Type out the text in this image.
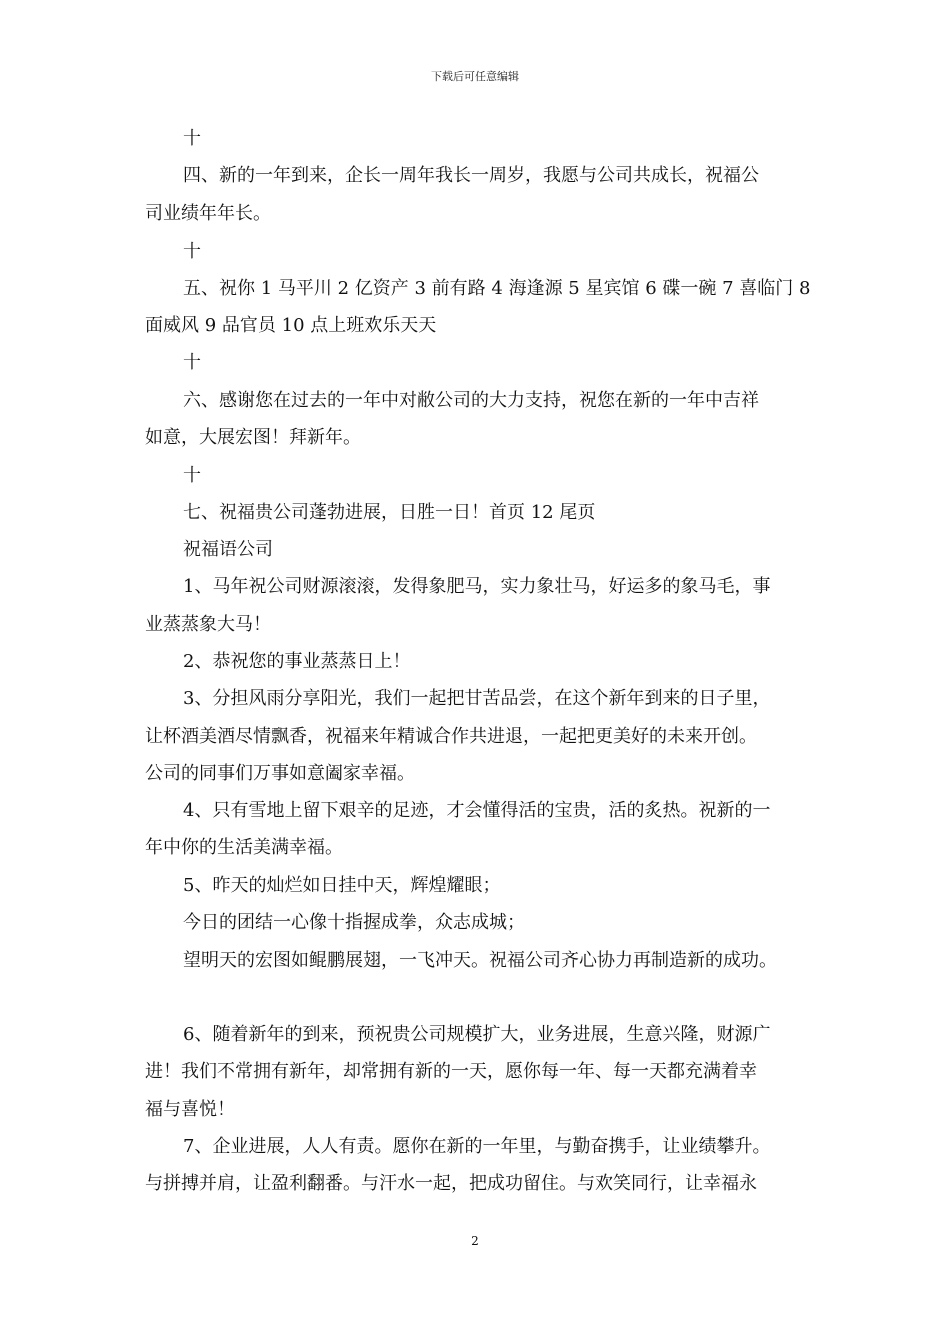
下载后可任意编辑
十
四、新的一年到来，企长一周年我长一周岁，我愿与公司共成长，祝福公
司业绩年年长。
十
五、祝你 1 马平川 2 亿资产 3 前有路 4 海逢源 5 星宾馆 6 碟一碗 7 喜临门 8
面威风 9 品官员 10 点上班欢乐天天
十
六、感谢您在过去的一年中对敝公司的大力支持，祝您在新的一年中吉祥
如意，大展宏图！拜新年。
十
七、祝福贵公司蓬勃进展，日胜一日！首页 12 尾页
祝福语公司
1、马年祝公司财源滚滚，发得象肥马，实力象壮马，好运多的象马毛，事
业蒸蒸象大马！
2、恭祝您的事业蒸蒸日上！
3、分担风雨分享阳光，我们一起把甘苦品尝，在这个新年到来的日子里，
让杯酒美酒尽情飘香，祝福来年精诚合作共进退，一起把更美好的未来开创。
公司的同事们万事如意阖家幸福。
4、只有雪地上留下艰辛的足迹，才会懂得活的宝贵，活的炙热。祝新的一
年中你的生活美满幸福。
5、昨天的灿烂如日挂中天，辉煌耀眼；
今日的团结一心像十指握成拳，众志成城；
望明天的宏图如鲲鹏展翅，一飞冲天。祝福公司齐心协力再制造新的成功。
6、随着新年的到来，预祝贵公司规模扩大，业务进展，生意兴隆，财源广
进！我们不常拥有新年，却常拥有新的一天，愿你每一年、每一天都充满着幸
福与喜悦！
7、企业进展，人人有责。愿你在新的一年里，与勤奋携手，让业绩攀升。
与拼搏并肩，让盈利翻番。与汗水一起，把成功留住。与欢笑同行，让幸福永
2
